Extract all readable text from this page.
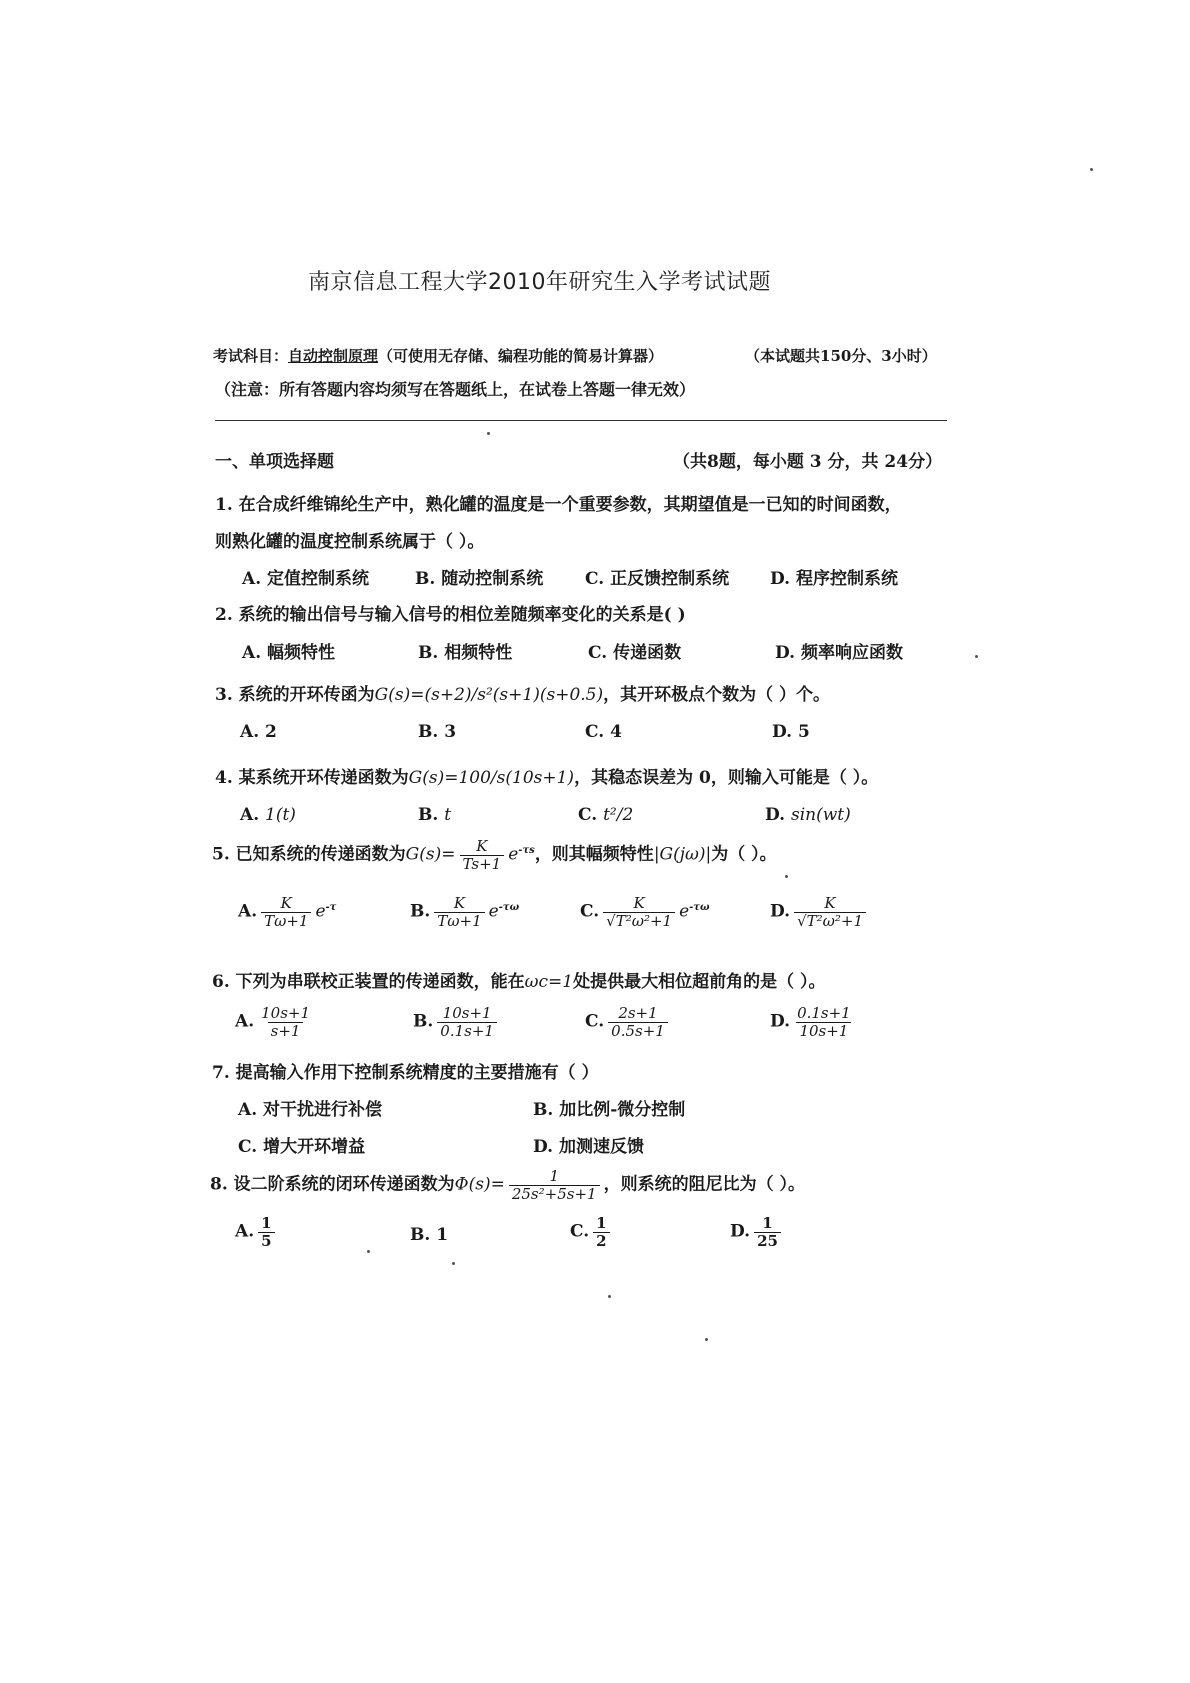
南京信息工程大学2010年研究生入学考试试题
考试科目：自动控制原理（可使用无存储、编程功能的简易计算器）	（本试题共150分、3小时）
（注意：所有答题内容均须写在答题纸上，在试卷上答题一律无效）
一、单项选择题	（共8题，每小题 3 分，共 24分）
1. 在合成纤维锦纶生产中，熟化罐的温度是一个重要参数，其期望值是一已知的时间函数，
则熟化罐的温度控制系统属于（ ）。
A. 定值控制系统	B. 随动控制系统 C. 正反馈控制系统 D. 程序控制系统
2. 系统的输出信号与输入信号的相位差随频率变化的关系是( )
A. 幅频特性	B. 相频特性	C. 传递函数	D. 频率响应函数
3. 系统的开环传函为G(s)=(s+2)/s²(s+1)(s+0.5)，其开环极点个数为（ ）个。
A. 2	B. 3	C. 4	D. 5
4. 某系统开环传递函数为G(s)=100/s(10s+1)，其稳态误差为 0，则输入可能是（ ）。
A. 1(t)	B. t	C. t²/2	D. sin(wt)
5. 已知系统的传递函数为$G(s)= \frac{K}{Ts+1} e^{-\tau s}$，则其幅频特性|G(jω)|为（ ）。
A. $\frac{K}{T\omega+1} e^{-\tau}$	B. $\frac{K}{T\omega+1} e^{-\tau\omega}$	C. $\frac{K}{\text{√T²ω²+1}} e^{-\tau\omega}$	D. $\frac{K}{\text{√T²ω²+1}}$
6. 下列为串联校正装置的传递函数，能在ωc=1处提供最大相位超前角的是（ ）。
A. $\frac{10s+1}{s+1}$	B. $\frac{10s+1}{0.1s+1}$	C. $\frac{2s+1}{0.5s+1}$	D. $\frac{0.1s+1}{10s+1}$
7. 提高输入作用下控制系统精度的主要措施有（ ）
A. 对干扰进行补偿	B. 加比例-微分控制
C. 增大开环增益	D. 加测速反馈
8. 设二阶系统的闭环传递函数为$\Phi(s)= \frac{1}{\text{25s²+5s+1}}$ ，则系统的阻尼比为（ ）。
A. $\frac{1}{5}$	B. 1	C. $\frac{1}{2}$	D. $\frac{1}{25}$
